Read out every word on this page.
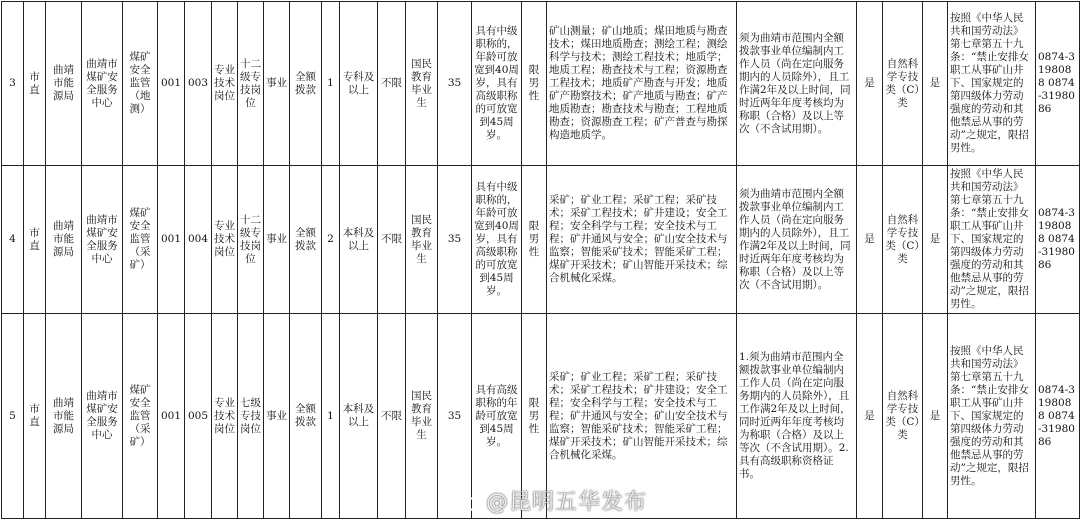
3	市直	曲靖市能源局	曲靖市煤矿安全服务中心	煤矿安全监管（地测）	001	003	专业技术岗位	十二级专技岗位	事业	全额拨款	1	专科及以上	不限	国民教育毕业生	35	具有中级职称的，年龄可放宽到40周岁，具有高级职称的可放宽到45周岁。	限男性	矿山测量；矿山地质；煤田地质与勘查技术；煤田地质勘查；测绘工程；测绘科学与技术；测绘工程技术；地质学；地质工程；勘查技术与工程；资源勘查工程技术；地质矿产勘查与开发；地质矿产勘察技术；矿产地质与勘查；矿产地质勘查；勘查技术与勘查；工程地质勘查；资源勘查工程；矿产普查与勘探构造地质学。	须为曲靖市范围内全额拨款事业单位编制内工作人员（尚在定向服务期内的人员除外），且工作满2年及以上时间，同时近两年年度考核均为称职（合格）及以上等次（不含试用期）。	是	自然科学专技类（C）类	是	按照《中华人民共和国劳动法》第七章第五十九条：“禁止安排女职工从事矿山井下、国家规定的第四级体力劳动强度的劳动和其他禁忌从事的劳动”之规定，限招男性。	0874-3198088 0874-3198086
4	市直	曲靖市能源局	曲靖市煤矿安全服务中心	煤矿安全监管（采矿）	001	004	专业技术岗位	十二级专技岗位	事业	全额拨款	2	本科及以上	不限	国民教育毕业生	35	具有中级职称的，年龄可放宽到40周岁，具有高级职称的可放宽到45周岁。	限男性	采矿；矿业工程；采矿工程；采矿技术；采矿工程技术；矿井建设；安全工程；安全科学与工程；安全技术与工程；矿井通风与安全；矿山安全技术与监察；智能采矿技术；智能采矿工程；煤矿开采技术；矿山智能开采技术；综合机械化采煤。	须为曲靖市范围内全额拨款事业单位编制内工作人员（尚在定向服务期内的人员除外），且工作满2年及以上时间，同时近两年年度考核均为称职（合格）及以上等次（不含试用期）。	是	自然科学专技类（C）类	是	按照《中华人民共和国劳动法》第七章第五十九条：“禁止安排女职工从事矿山井下、国家规定的第四级体力劳动强度的劳动和其他禁忌从事的劳动”之规定，限招男性。	0874-3198088 0874-3198086
5	市直	曲靖市能源局	曲靖市煤矿安全服务中心	煤矿安全监管（采矿）	001	005	专业技术岗位	七级专技岗位	事业	全额拨款	1	本科及以上	不限	国民教育毕业生	35	具有高级职称的年龄可放宽到45周岁。	限男性	采矿；矿业工程；采矿工程；采矿技术；采矿工程技术；矿井建设；安全工程；安全科学与工程；安全技术与工程；矿井通风与安全；矿山安全技术与监察；智能采矿技术；智能采矿工程；煤矿开采技术；矿山智能开采技术；综合机械化采煤。	1.须为曲靖市范围内全额拨款事业单位编制内工作人员（尚在定向服务期内的人员除外），且工作满2年及以上时间，同时近两年年度考核均为称职（合格）及以上等次（不含试用期）。2.具有高级职称资格证书。	是	自然科学专技类（C）类	是	按照《中华人民共和国劳动法》第七章第五十九条：“禁止安排女职工从事矿山井下、国家规定的第四级体力劳动强度的劳动和其他禁忌从事的劳动”之规定，限招男性。	0874-3198088 0874-3198086
@昆明五华发布
